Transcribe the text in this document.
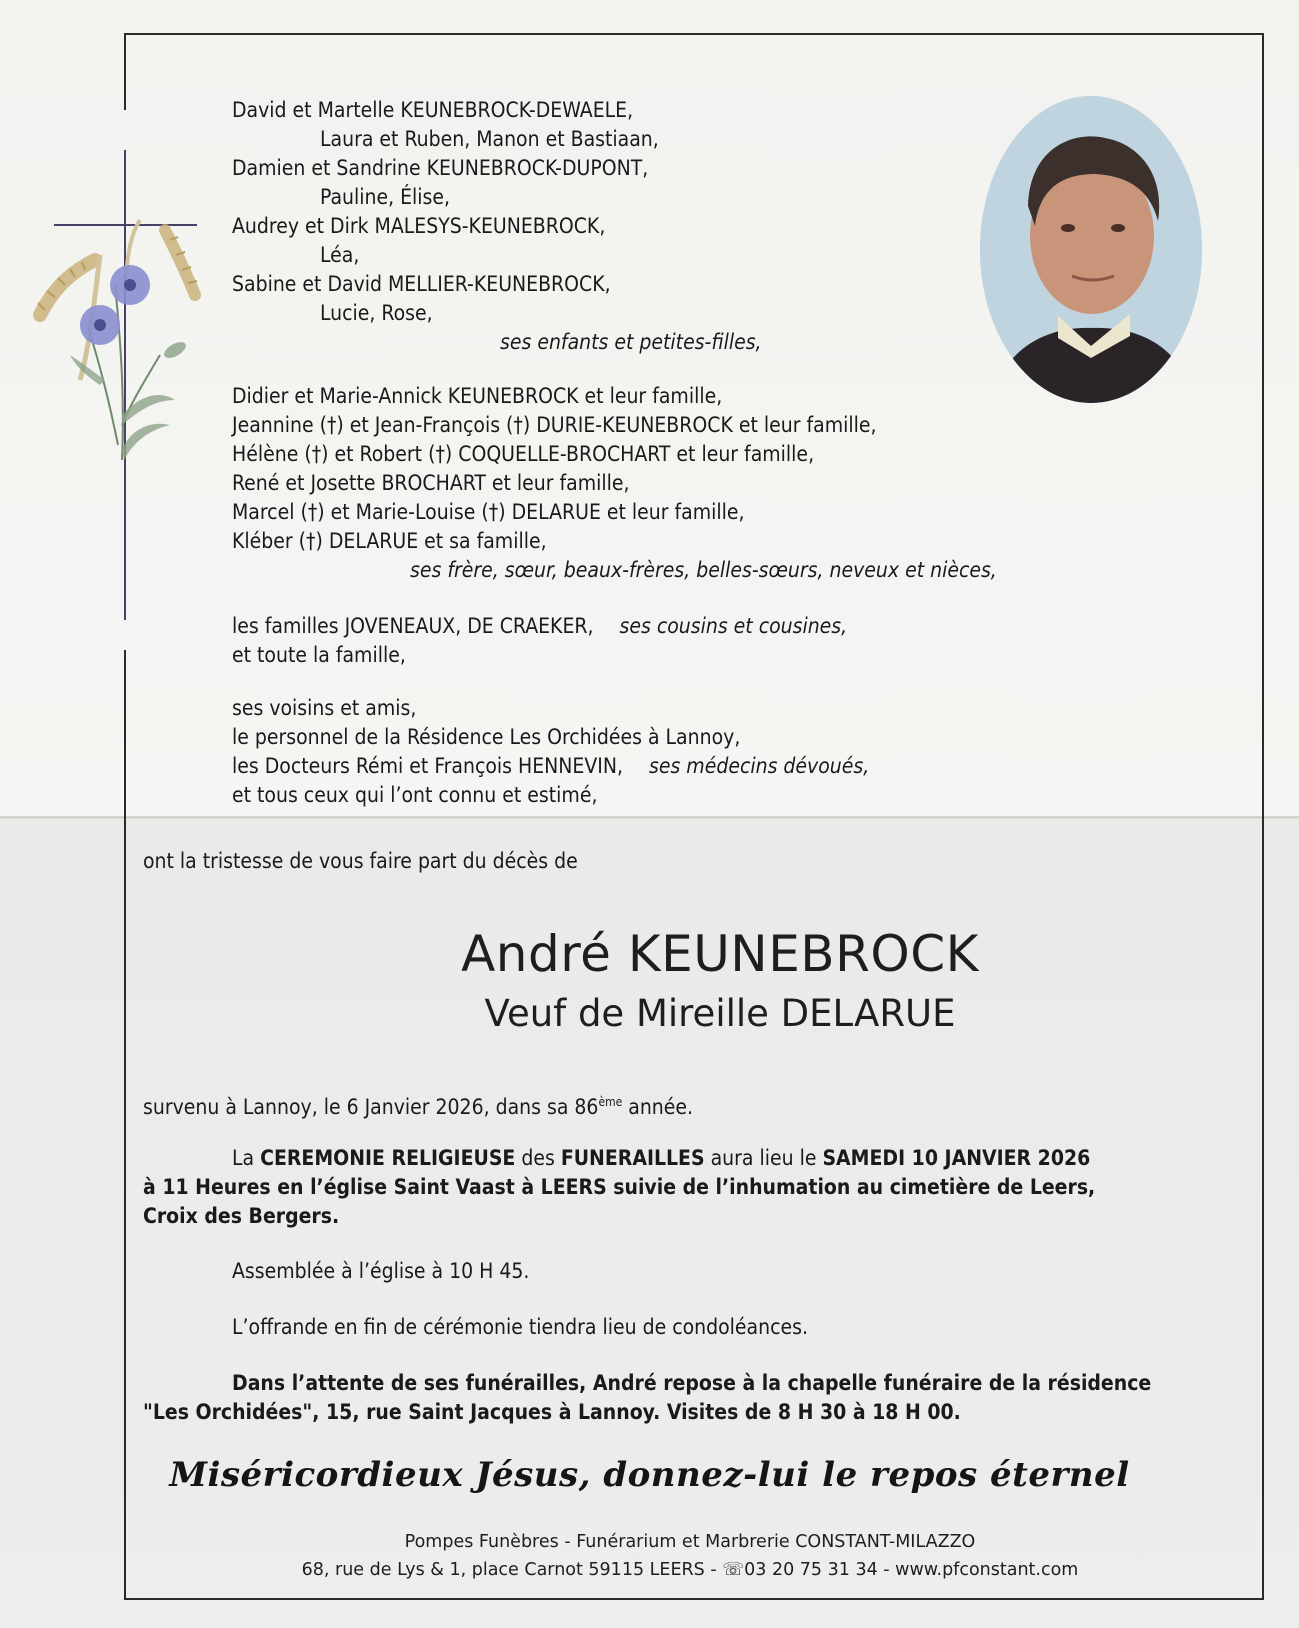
David et Martelle KEUNEBROCK-DEWAELE,
Laura et Ruben, Manon et Bastiaan,
Damien et Sandrine KEUNEBROCK-DUPONT,
Pauline, Élise,
Audrey et Dirk MALESYS-KEUNEBROCK,
Léa,
Sabine et David MELLIER-KEUNEBROCK,
Lucie, Rose,
ses enfants et petites-filles,
Didier et Marie-Annick KEUNEBROCK et leur famille,
Jeannine (†) et Jean-François (†) DURIE-KEUNEBROCK et leur famille,
Hélène (†) et Robert (†) COQUELLE-BROCHART et leur famille,
René et Josette BROCHART et leur famille,
Marcel (†) et Marie-Louise (†) DELARUE et leur famille,
Kléber (†) DELARUE et sa famille,
ses frère, sœur, beaux-frères, belles-sœurs, neveux et nièces,
les familles JOVENEAUX, DE CRAEKER, ses cousins et cousines,
et toute la famille,
ses voisins et amis,
le personnel de la Résidence Les Orchidées à Lannoy,
les Docteurs Rémi et François HENNEVIN, ses médecins dévoués,
et tous ceux qui l’ont connu et estimé,
ont la tristesse de vous faire part du décès de
André KEUNEBROCK
Veuf de Mireille DELARUE
survenu à Lannoy, le 6 Janvier 2026, dans sa 86ème année.
La CEREMONIE RELIGIEUSE des FUNERAILLES aura lieu le SAMEDI 10 JANVIER 2026
à 11 Heures en l’église Saint Vaast à LEERS suivie de l’inhumation au cimetière de Leers,
Croix des Bergers.
Assemblée à l’église à 10 H 45.
L’offrande en fin de cérémonie tiendra lieu de condoléances.
Dans l’attente de ses funérailles, André repose à la chapelle funéraire de la résidence
"Les Orchidées", 15, rue Saint Jacques à Lannoy. Visites de 8 H 30 à 18 H 00.
Miséricordieux Jésus, donnez-lui le repos éternel
Pompes Funèbres - Funérarium et Marbrerie CONSTANT-MILAZZO
68, rue de Lys & 1, place Carnot 59115 LEERS - ☏03 20 75 31 34 - www.pfconstant.com
